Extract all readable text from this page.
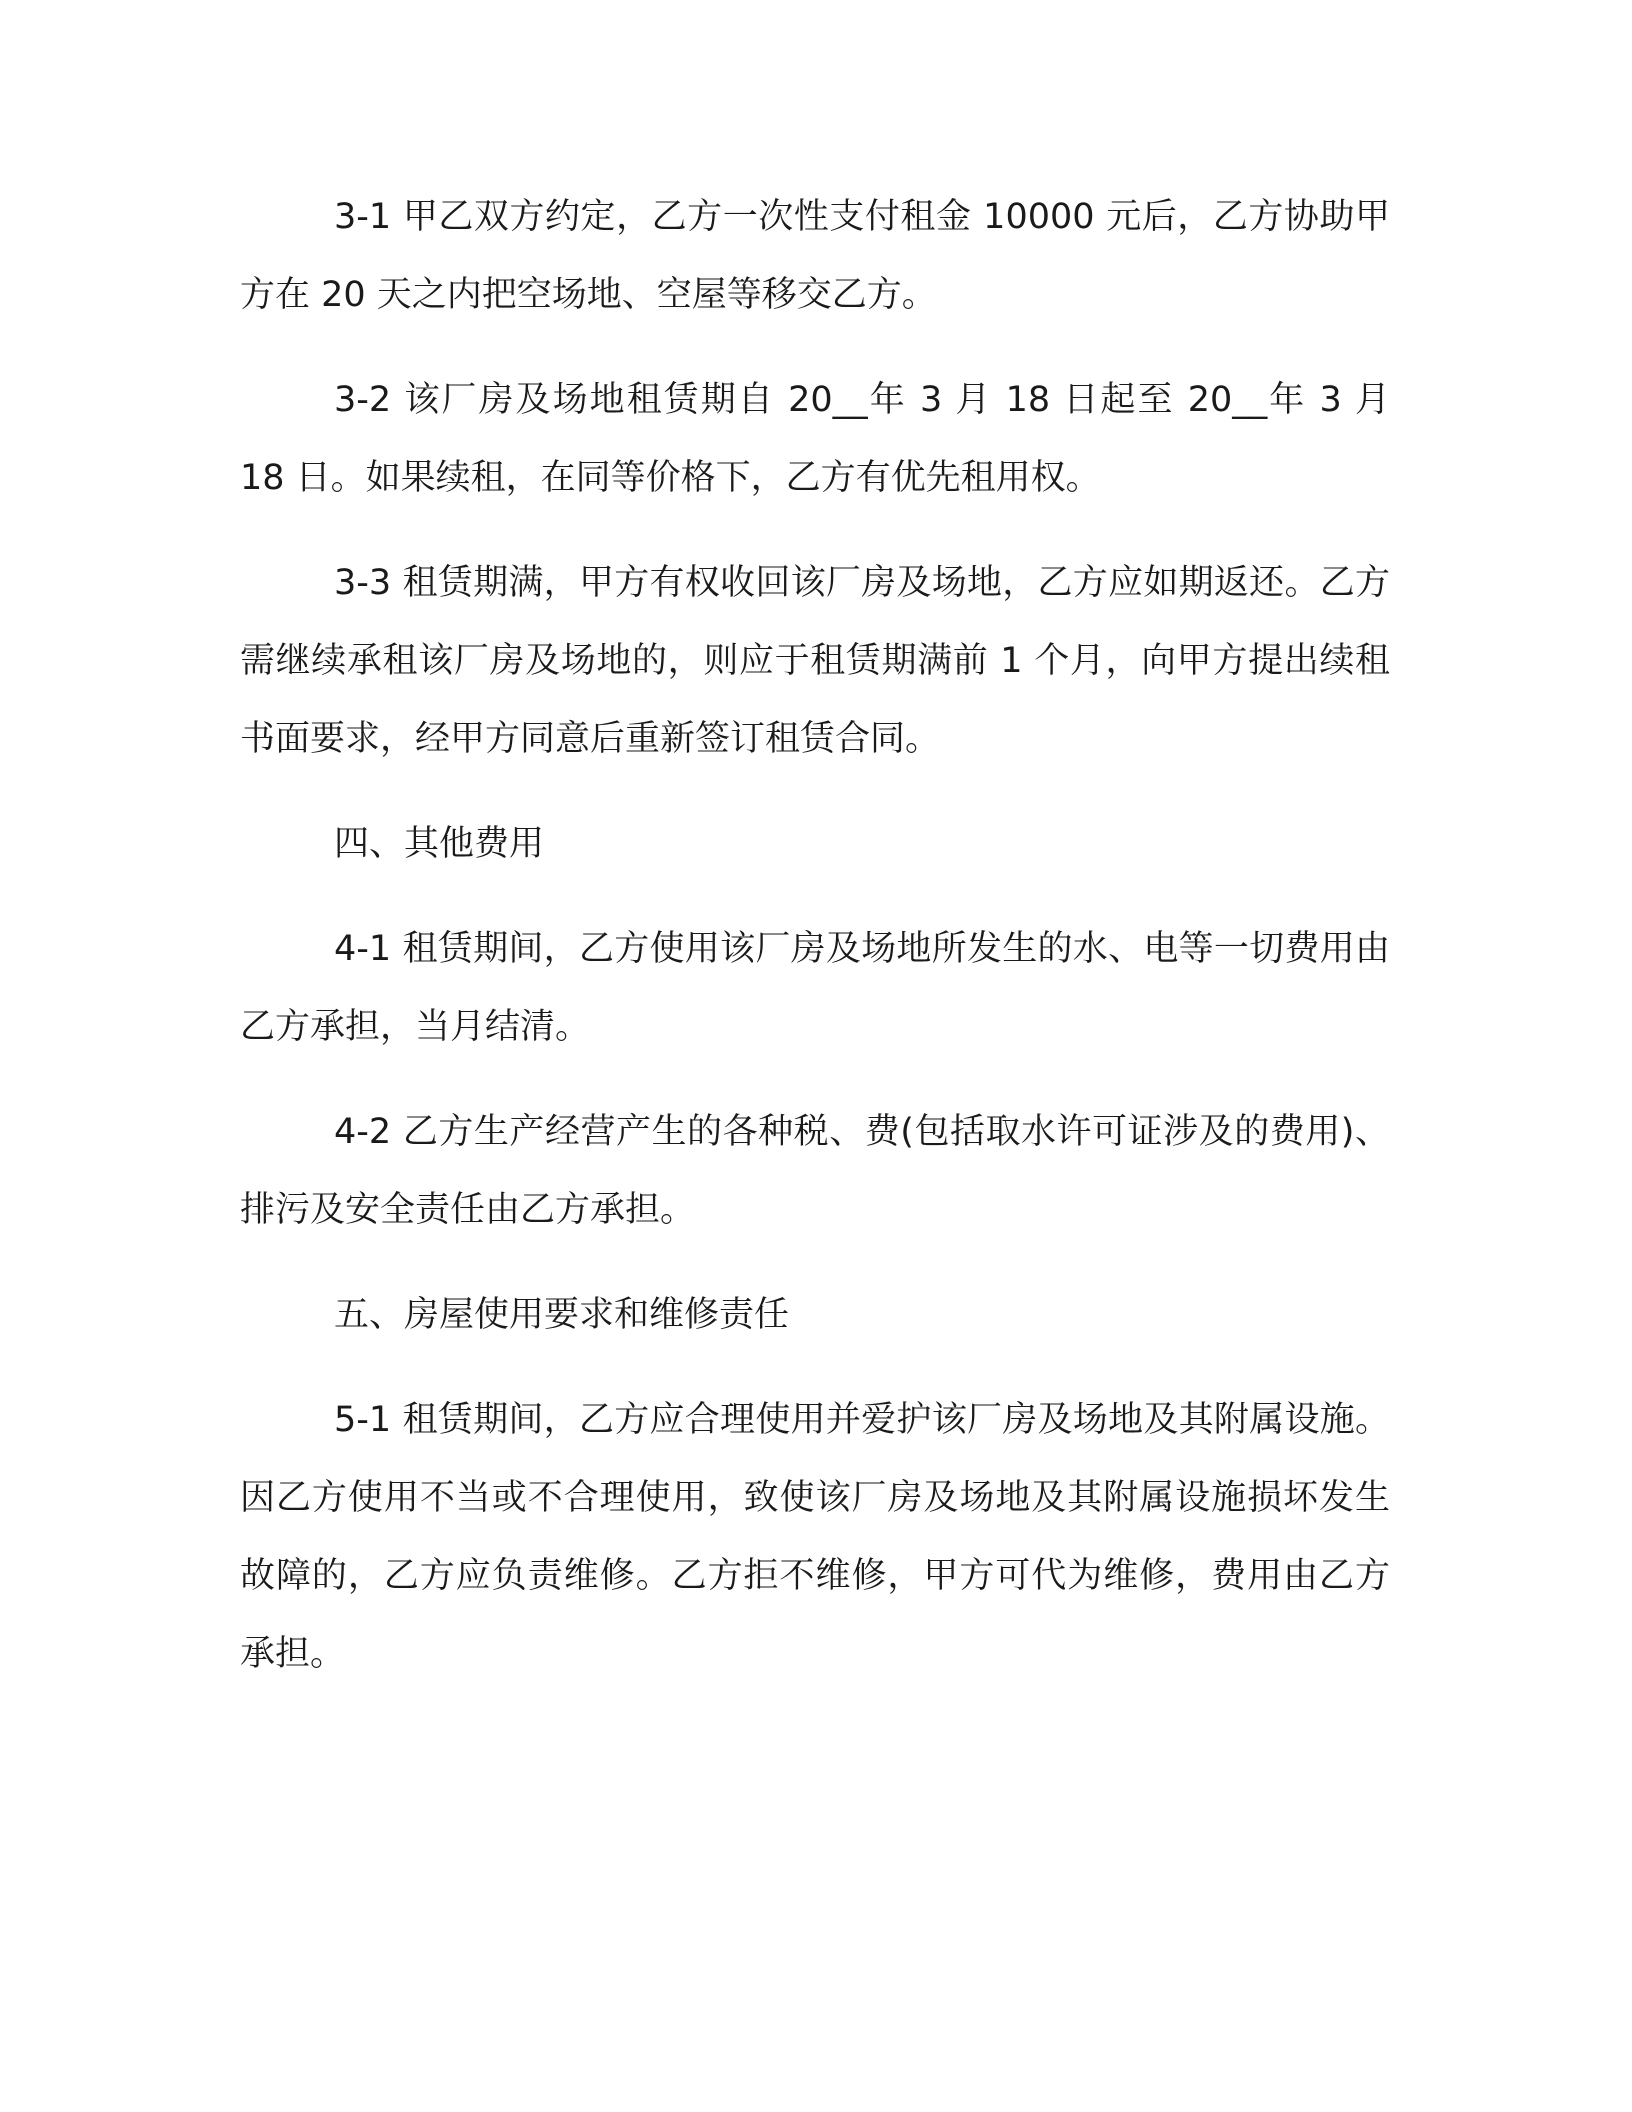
3-1 甲乙双方约定，乙方一次性支付租金 10000 元后，乙方协助甲方在 20 天之内把空场地、空屋等移交乙方。

3-2 该厂房及场地租赁期自 20__年 3 月 18 日起至 20__年 3 月 18 日。如果续租，在同等价格下，乙方有优先租用权。

3-3 租赁期满，甲方有权收回该厂房及场地，乙方应如期返还。乙方需继续承租该厂房及场地的，则应于租赁期满前 1 个月，向甲方提出续租书面要求，经甲方同意后重新签订租赁合同。

四、其他费用

4-1 租赁期间，乙方使用该厂房及场地所发生的水、电等一切费用由乙方承担，当月结清。

4-2 乙方生产经营产生的各种税、费(包括取水许可证涉及的费用)、排污及安全责任由乙方承担。

五、房屋使用要求和维修责任

5-1 租赁期间，乙方应合理使用并爱护该厂房及场地及其附属设施。因乙方使用不当或不合理使用，致使该厂房及场地及其附属设施损坏发生故障的，乙方应负责维修。乙方拒不维修，甲方可代为维修，费用由乙方承担。
